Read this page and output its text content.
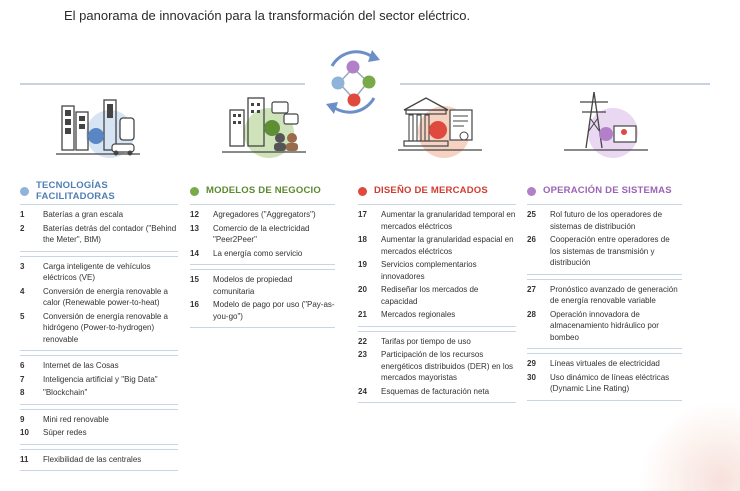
El panorama de innovación para la transformación del sector eléctrico.
TECNOLOGÍAS FACILITADORAS
1	Baterías a gran escala
2	Baterías detrás del contador ("Behind the Meter", BtM)
3	Carga inteligente de vehículos eléctricos (VE)
4	Conversión de energía renovable a calor (Renewable power-to-heat)
5	Conversión de energía renovable a hidrógeno (Power-to-hydrogen) renovable
6	Internet de las Cosas
7	Inteligencia artificial y "Big Data"
8	"Blockchain"
9	Mini red renovable
10	Súper redes
11	Flexibilidad de las centrales
MODELOS DE NEGOCIO
12	Agregadores ("Aggregators")
13	Comercio de la electricidad "Peer2Peer"
14	La energía como servicio
15	Modelos de propiedad comunitaria
16	Modelo de pago por uso ("Pay-as-you-go")
DISEÑO DE MERCADOS
17	Aumentar la granularidad temporal en mercados eléctricos
18	Aumentar la granularidad espacial en mercados eléctricos
19	Servicios complementarios innovadores
20	Rediseñar los mercados de capacidad
21	Mercados regionales
22	Tarifas por tiempo de uso
23	Participación de los recursos energéticos distribuidos (DER) en los mercados mayoristas
24	Esquemas de facturación neta
OPERACIÓN DE SISTEMAS
25	Rol futuro de los operadores de sistemas de distribución
26	Cooperación entre operadores de los sistemas de transmisión y distribución
27	Pronóstico avanzado de generación de energía renovable variable
28	Operación innovadora de almacenamiento hidráulico por bombeo
29	Líneas virtuales de electricidad
30	Uso dinámico de líneas eléctricas (Dynamic Line Rating)
